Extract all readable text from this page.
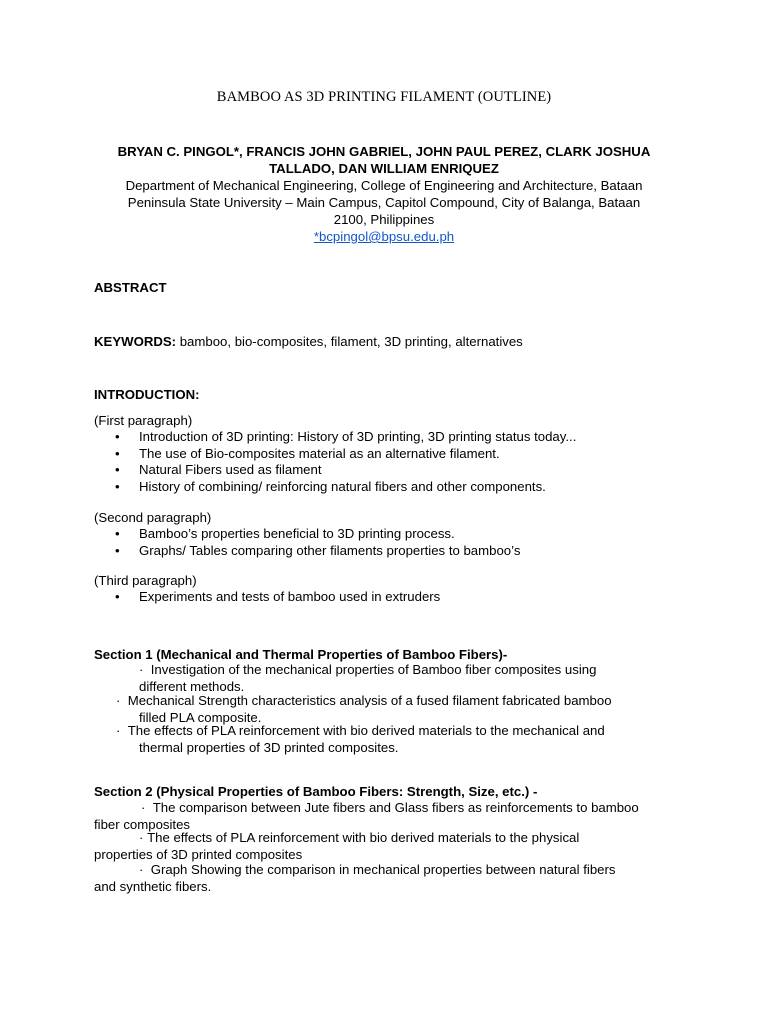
BAMBOO AS 3D PRINTING FILAMENT (OUTLINE)
BRYAN C. PINGOL*, FRANCIS JOHN GABRIEL, JOHN PAUL PEREZ, CLARK JOSHUA
TALLADO, DAN WILLIAM ENRIQUEZ
Department of Mechanical Engineering, College of Engineering and Architecture, Bataan
Peninsula State University – Main Campus, Capitol Compound, City of Balanga, Bataan
2100, Philippines
*bcpingol@bpsu.edu.ph
ABSTRACT
KEYWORDS: bamboo, bio-composites, filament, 3D printing, alternatives
INTRODUCTION:
(First paragraph)
• Introduction of 3D printing: History of 3D printing, 3D printing status today...
• The use of Bio-composites material as an alternative filament.
• Natural Fibers used as filament
• History of combining/ reinforcing natural fibers and other components.
(Second paragraph)
• Bamboo’s properties beneficial to 3D printing process.
• Graphs/ Tables comparing other filaments properties to bamboo’s
(Third paragraph)
• Experiments and tests of bamboo used in extruders
Section 1 (Mechanical and Thermal Properties of Bamboo Fibers)-
· Investigation of the mechanical properties of Bamboo fiber composites using
different methods.
· Mechanical Strength characteristics analysis of a fused filament fabricated bamboo
filled PLA composite.
· The effects of PLA reinforcement with bio derived materials to the mechanical and
thermal properties of 3D printed composites.
Section 2 (Physical Properties of Bamboo Fibers: Strength, Size, etc.) -
· The comparison between Jute fibers and Glass fibers as reinforcements to bamboo
fiber composites
· The effects of PLA reinforcement with bio derived materials to the physical
properties of 3D printed composites
· Graph Showing the comparison in mechanical properties between natural fibers
and synthetic fibers.
